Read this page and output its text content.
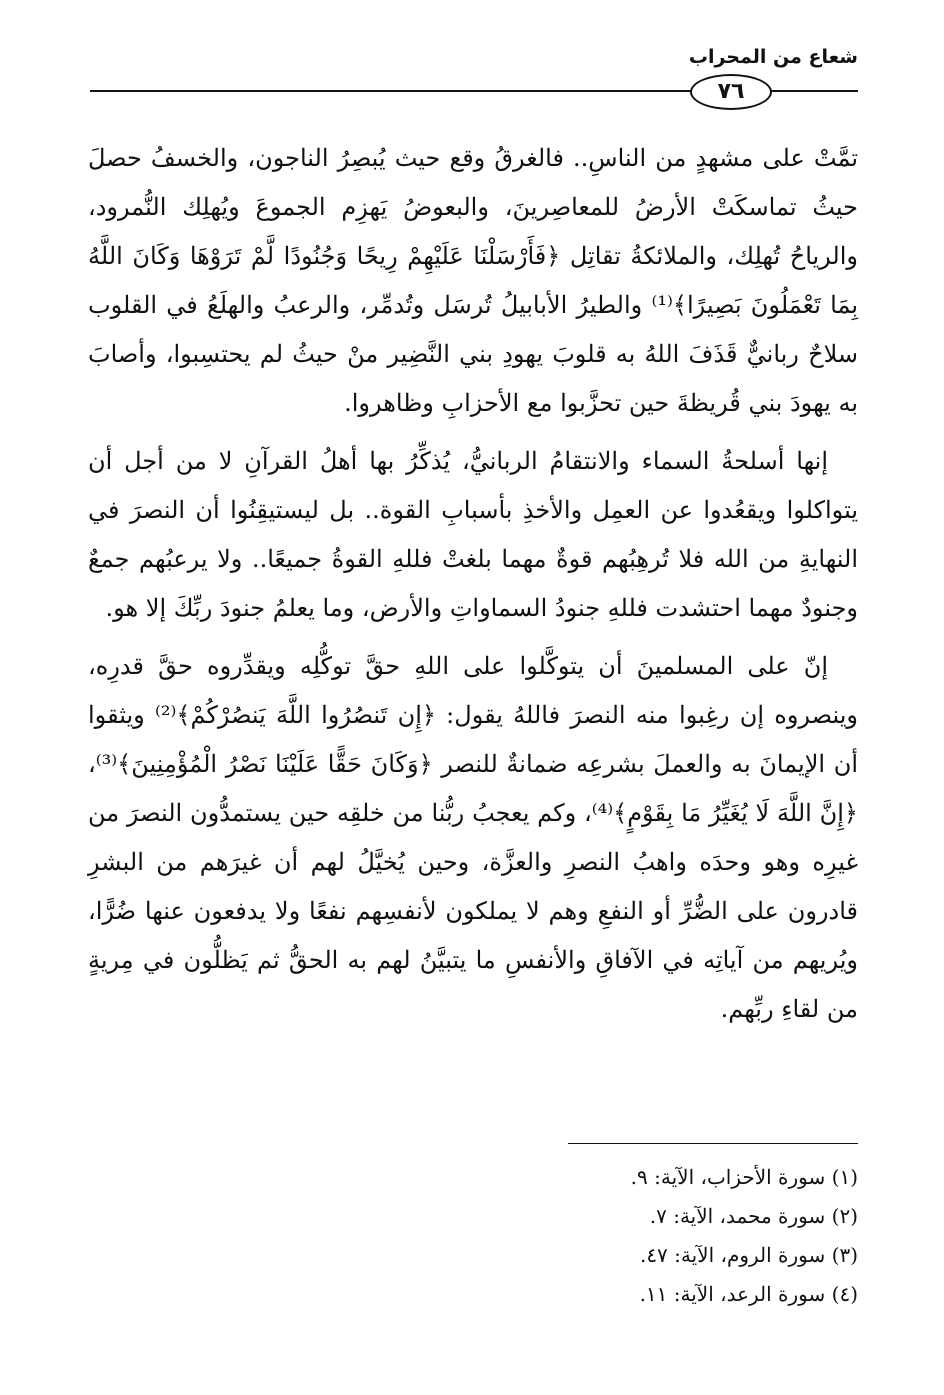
شعاع من المحراب
٧٦

تمَّتْ على مشهدٍ من الناسِ.. فالغرقُ وقع حيث يُبصِرُ الناجون، والخسفُ حصلَ حيثُ تماسكَتْ الأرضُ للمعاصِرينَ، والبعوضُ يَهزِم الجموعَ ويُهلِك النُّمرود، والرياحُ تُهلِك، والملائكةُ تقاتِل ﴿فَأَرْسَلْنَا عَلَيْهِمْ رِيحًا وَجُنُودًا لَّمْ تَرَوْهَا وَكَانَ اللَّهُ بِمَا تَعْمَلُونَ بَصِيرًا﴾⁽¹⁾ والطيرُ الأبابيلُ تُرسَل وتُدمِّر، والرعبُ والهلَعُ في القلوب سلاحٌ ربانيٌّ قَذَفَ اللهُ به قلوبَ يهودِ بني النَّضِير منْ حيثُ لم يحتسِبوا، وأصابَ به يهودَ بني قُريظةَ حين تحزَّبوا مع الأحزابِ وظاهروا.

إنها أسلحةُ السماء والانتقامُ الربانيُّ، يُذكِّرُ بها أهلُ القرآنِ لا من أجل أن يتواكلوا ويقعُدوا عن العمِل والأخذِ بأسبابِ القوة.. بل ليستيقِنُوا أن النصرَ في النهايةِ من الله فلا تُرهِبُهم قوةٌ مهما بلغتْ فللهِ القوةُ جميعًا.. ولا يرعبُهم جمعٌ وجنودٌ مهما احتشدت فللهِ جنودُ السماواتِ والأرض، وما يعلمُ جنودَ ربِّكَ إلا هو.

إنّ على المسلمينَ أن يتوكَّلوا على اللهِ حقَّ توكُّلِه ويقدِّروه حقَّ قدرِه، وينصروه إن رغِبوا منه النصرَ فاللهُ يقول: ﴿إِن تَنصُرُوا اللَّهَ يَنصُرْكُمْ﴾⁽²⁾ ويثقوا أن الإيمانَ به والعملَ بشرعِه ضمانةٌ للنصر ﴿وَكَانَ حَقًّا عَلَيْنَا نَصْرُ الْمُؤْمِنِينَ﴾⁽³⁾، ﴿إِنَّ اللَّهَ لَا يُغَيِّرُ مَا بِقَوْمٍ﴾⁽⁴⁾، وكم يعجبُ ربُّنا من خلقِه حين يستمدُّون النصرَ من غيرِه وهو وحدَه واهبُ النصرِ والعزَّة، وحين يُخيَّلُ لهم أن غيرَهم من البشرِ قادرون على الضُّرِّ أو النفعِ وهم لا يملكون لأنفسِهم نفعًا ولا يدفعون عنها ضُرًّا، ويُريهم من آياتِه في الآفاقِ والأنفسِ ما يتبيَّنُ لهم به الحقُّ ثم يَظلُّون في مِريةٍ من لقاءِ ربِّهم.

(١) سورة الأحزاب، الآية: ٩.
(٢) سورة محمد، الآية: ٧.
(٣) سورة الروم، الآية: ٤٧.
(٤) سورة الرعد، الآية: ١١.
